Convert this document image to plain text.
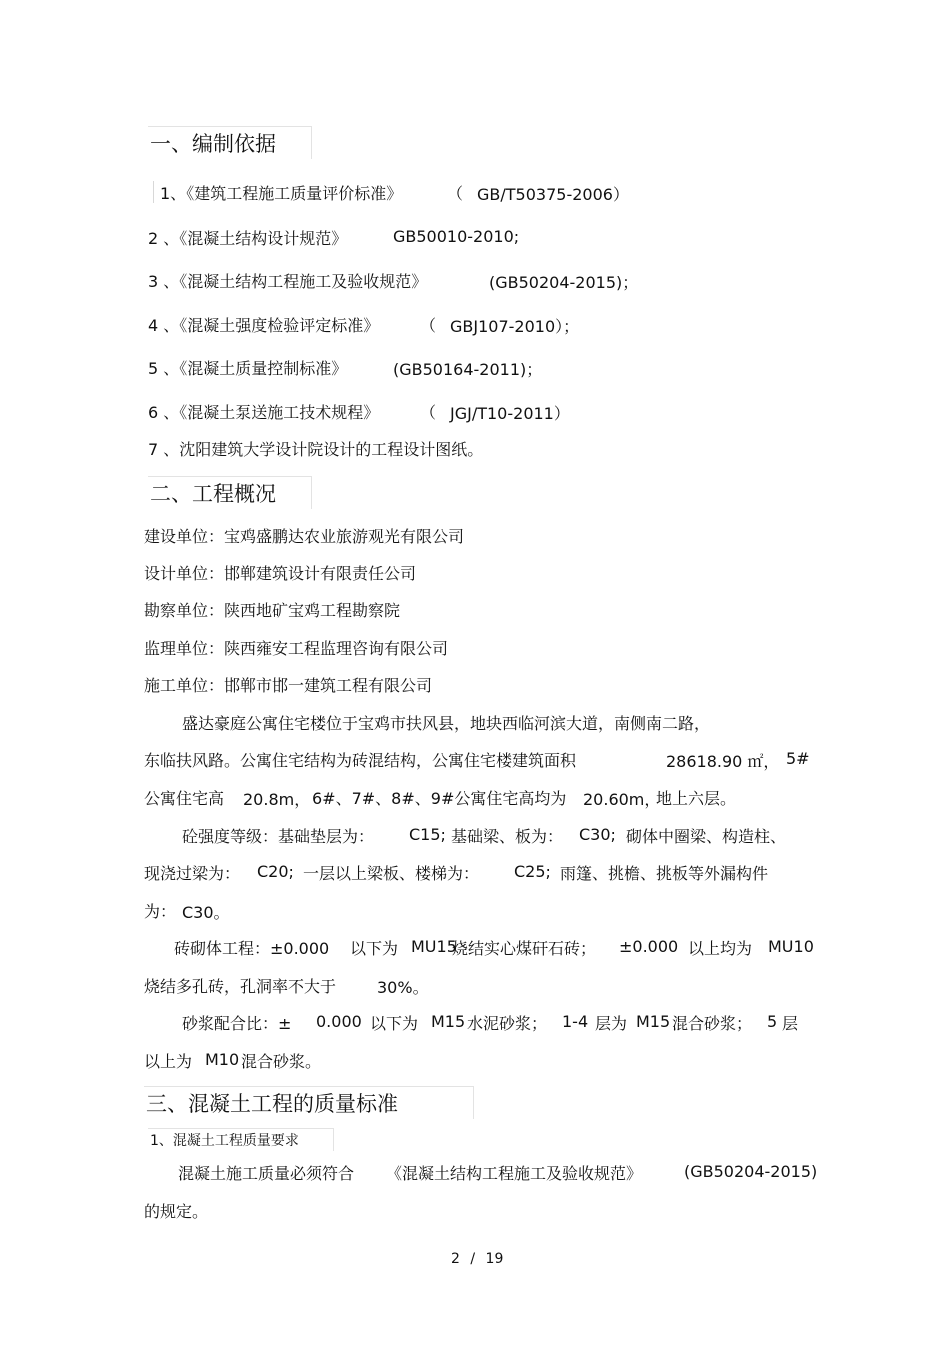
一、编制依据
1、《建筑工程施工质量评价标准》	（ GB/T50375-2006）
2 、《混凝土结构设计规范》	GB50010-2010;
3 、《混凝土结构工程施工及验收规范》	(GB50204-2015)；
4 、《混凝土强度检验评定标准》	（ GBJ107-2010）；
5 、《混凝土质量控制标准》	(GB50164-2011)；
6 、《混凝土泵送施工技术规程》	（ JGJ/T10-2011）
7 、沈阳建筑大学设计院设计的工程设计图纸。
二、工程概况
建设单位：宝鸡盛鹏达农业旅游观光有限公司
设计单位：邯郸建筑设计有限责任公司
勘察单位：陕西地矿宝鸡工程勘察院
监理单位：陕西雍安工程监理咨询有限公司
施工单位：邯郸市邯一建筑工程有限公司
盛达豪庭公寓住宅楼位于宝鸡市扶风县，地块西临河滨大道，南侧南二路，
东临扶风路。公寓住宅结构为砖混结构，公寓住宅楼建筑面积	28618.90 ㎡， 5#
公寓住宅高 20.8m， 6#、7#、8#、9#公寓住宅高均为 20.60m，
地上六层。
砼强度等级：基础垫层为： C15; 基础梁、板为： C30; 砌体中圈梁、构造柱、
现浇过梁为： C20; 一层以上梁板、楼梯为： C25; 雨篷、挑檐、挑板等外漏构件
为： C30。
砖砌体工程：±0.000 以下为 MU15
烧结实心煤矸石砖； ±0.000 以上均为 MU10
烧结多孔砖，孔洞率不大于	30%。
砂浆配合比：± 0.000 以下为 M15 水泥砂浆； 1-4 层为 M15 混合砂浆； 5 层
以上为 M10 混合砂浆。
三、混凝土工程的质量标准
1、混凝土工程质量要求
混凝土施工质量必须符合 《混凝土结构工程施工及验收规范》	(GB50204-2015)
的规定。
2 / 19
